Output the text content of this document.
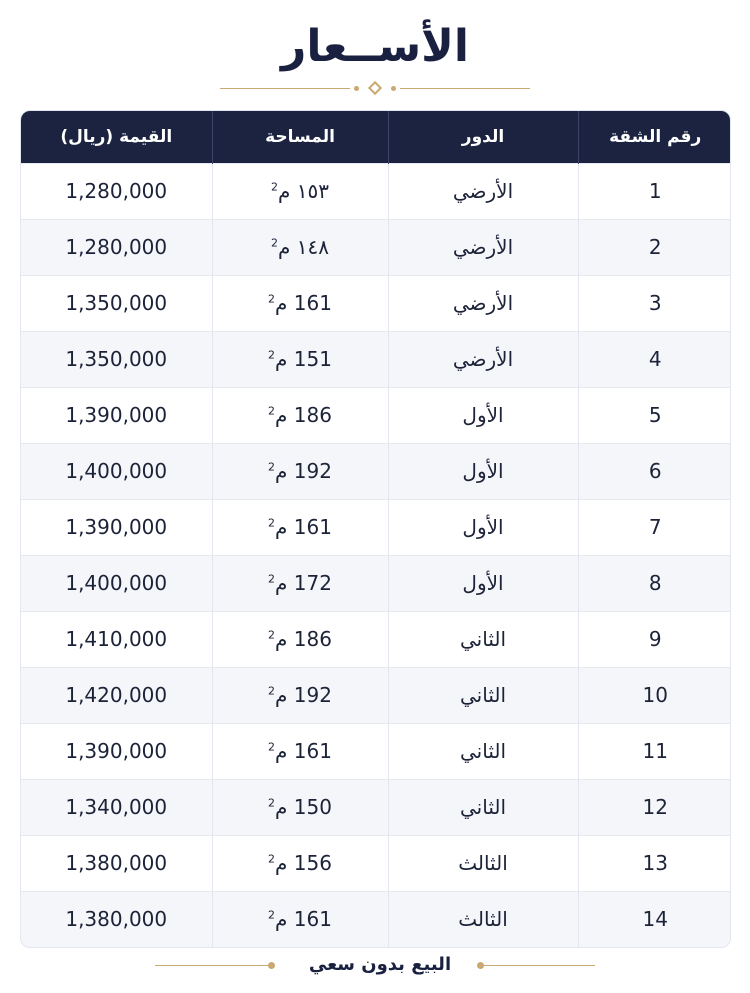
الأســعار
رقم الشقة	الدور	المساحة	القيمة (ريال)
1	الأرضي	١٥٣ م$^2$	1,280,000
2	الأرضي	١٤٨ م$^2$	1,280,000
3	الأرضي	161 م$^2$	1,350,000
4	الأرضي	151 م$^2$	1,350,000
5	الأول	186 م$^2$	1,390,000
6	الأول	192 م$^2$	1,400,000
7	الأول	161 م$^2$	1,390,000
8	الأول	172 م$^2$	1,400,000
9	الثاني	186 م$^2$	1,410,000
10	الثاني	192 م$^2$	1,420,000
11	الثاني	161 م$^2$	1,390,000
12	الثاني	150 م$^2$	1,340,000
13	الثالث	156 م$^2$	1,380,000
14	الثالث	161 م$^2$	1,380,000
البيع بدون سعي
